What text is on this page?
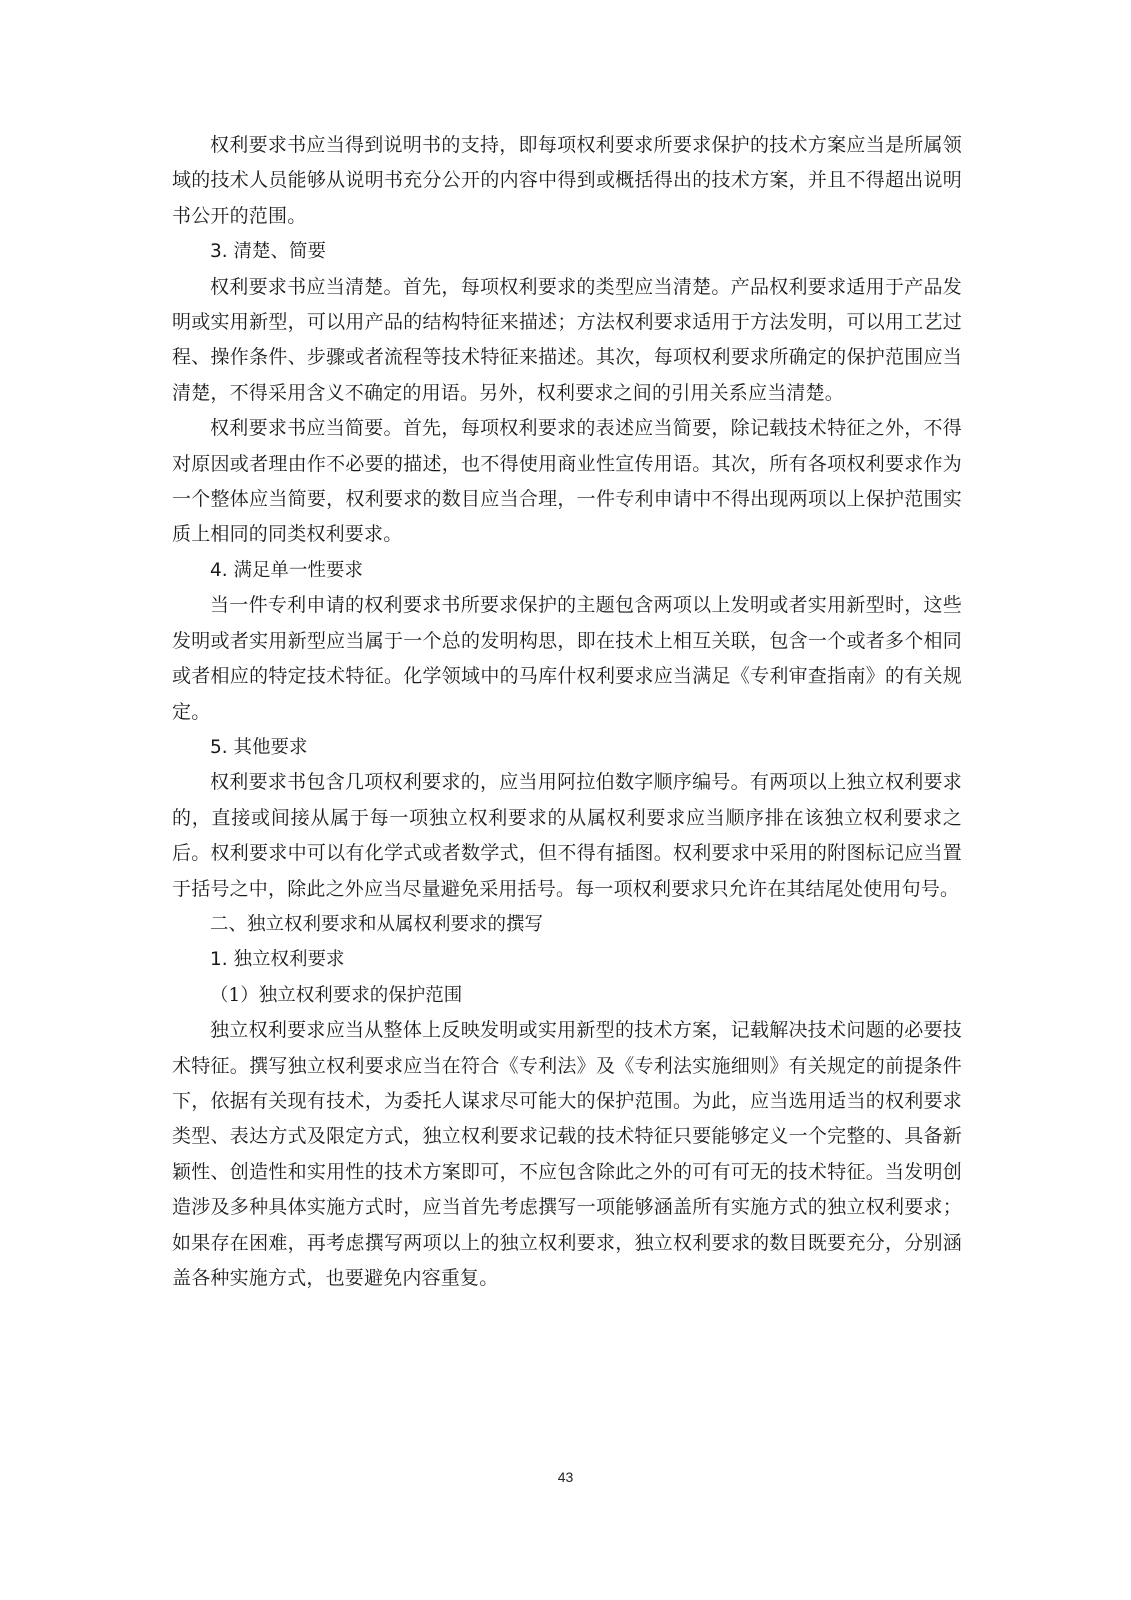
权利要求书应当得到说明书的支持，即每项权利要求所要求保护的技术方案应当是所属领域的技术人员能够从说明书充分公开的内容中得到或概括得出的技术方案，并且不得超出说明书公开的范围。

3. 清楚、简要

权利要求书应当清楚。首先，每项权利要求的类型应当清楚。产品权利要求适用于产品发明或实用新型，可以用产品的结构特征来描述；方法权利要求适用于方法发明，可以用工艺过程、操作条件、步骤或者流程等技术特征来描述。其次，每项权利要求所确定的保护范围应当清楚，不得采用含义不确定的用语。另外，权利要求之间的引用关系应当清楚。

权利要求书应当简要。首先，每项权利要求的表述应当简要，除记载技术特征之外，不得对原因或者理由作不必要的描述，也不得使用商业性宣传用语。其次，所有各项权利要求作为一个整体应当简要，权利要求的数目应当合理，一件专利申请中不得出现两项以上保护范围实质上相同的同类权利要求。

4. 满足单一性要求

当一件专利申请的权利要求书所要求保护的主题包含两项以上发明或者实用新型时，这些发明或者实用新型应当属于一个总的发明构思，即在技术上相互关联，包含一个或者多个相同或者相应的特定技术特征。化学领域中的马库什权利要求应当满足《专利审查指南》的有关规定。

5. 其他要求

权利要求书包含几项权利要求的，应当用阿拉伯数字顺序编号。有两项以上独立权利要求的，直接或间接从属于每一项独立权利要求的从属权利要求应当顺序排在该独立权利要求之后。权利要求中可以有化学式或者数学式，但不得有插图。权利要求中采用的附图标记应当置于括号之中，除此之外应当尽量避免采用括号。每一项权利要求只允许在其结尾处使用句号。

二、独立权利要求和从属权利要求的撰写

1. 独立权利要求

（1）独立权利要求的保护范围

独立权利要求应当从整体上反映发明或实用新型的技术方案，记载解决技术问题的必要技术特征。撰写独立权利要求应当在符合《专利法》及《专利法实施细则》有关规定的前提条件下，依据有关现有技术，为委托人谋求尽可能大的保护范围。为此，应当选用适当的权利要求类型、表达方式及限定方式，独立权利要求记载的技术特征只要能够定义一个完整的、具备新颖性、创造性和实用性的技术方案即可，不应包含除此之外的可有可无的技术特征。当发明创造涉及多种具体实施方式时，应当首先考虑撰写一项能够涵盖所有实施方式的独立权利要求；如果存在困难，再考虑撰写两项以上的独立权利要求，独立权利要求的数目既要充分，分别涵盖各种实施方式，也要避免内容重复。

43
